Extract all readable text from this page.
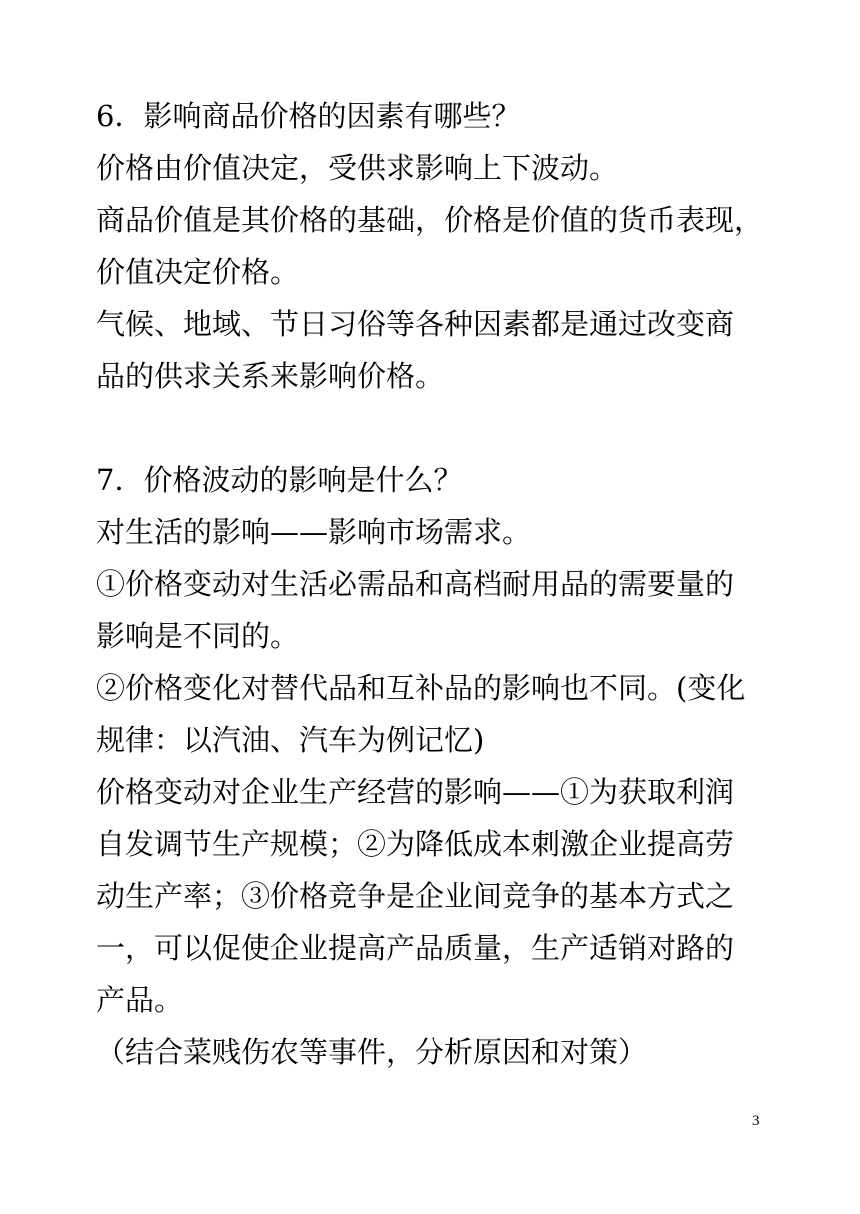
6．影响商品价格的因素有哪些？
价格由价值决定，受供求影响上下波动。
商品价值是其价格的基础，价格是价值的货币表现，
价值决定价格。
气候、地域、节日习俗等各种因素都是通过改变商
品的供求关系来影响价格。
7．价格波动的影响是什么？
对生活的影响——影响市场需求。
①价格变动对生活必需品和高档耐用品的需要量的
影响是不同的。
②价格变化对替代品和互补品的影响也不同。(变化
规律：以汽油、汽车为例记忆)
价格变动对企业生产经营的影响——①为获取利润
自发调节生产规模；②为降低成本刺激企业提高劳
动生产率；③价格竞争是企业间竞争的基本方式之
一，可以促使企业提高产品质量，生产适销对路的
产品。
（结合菜贱伤农等事件，分析原因和对策）
3
